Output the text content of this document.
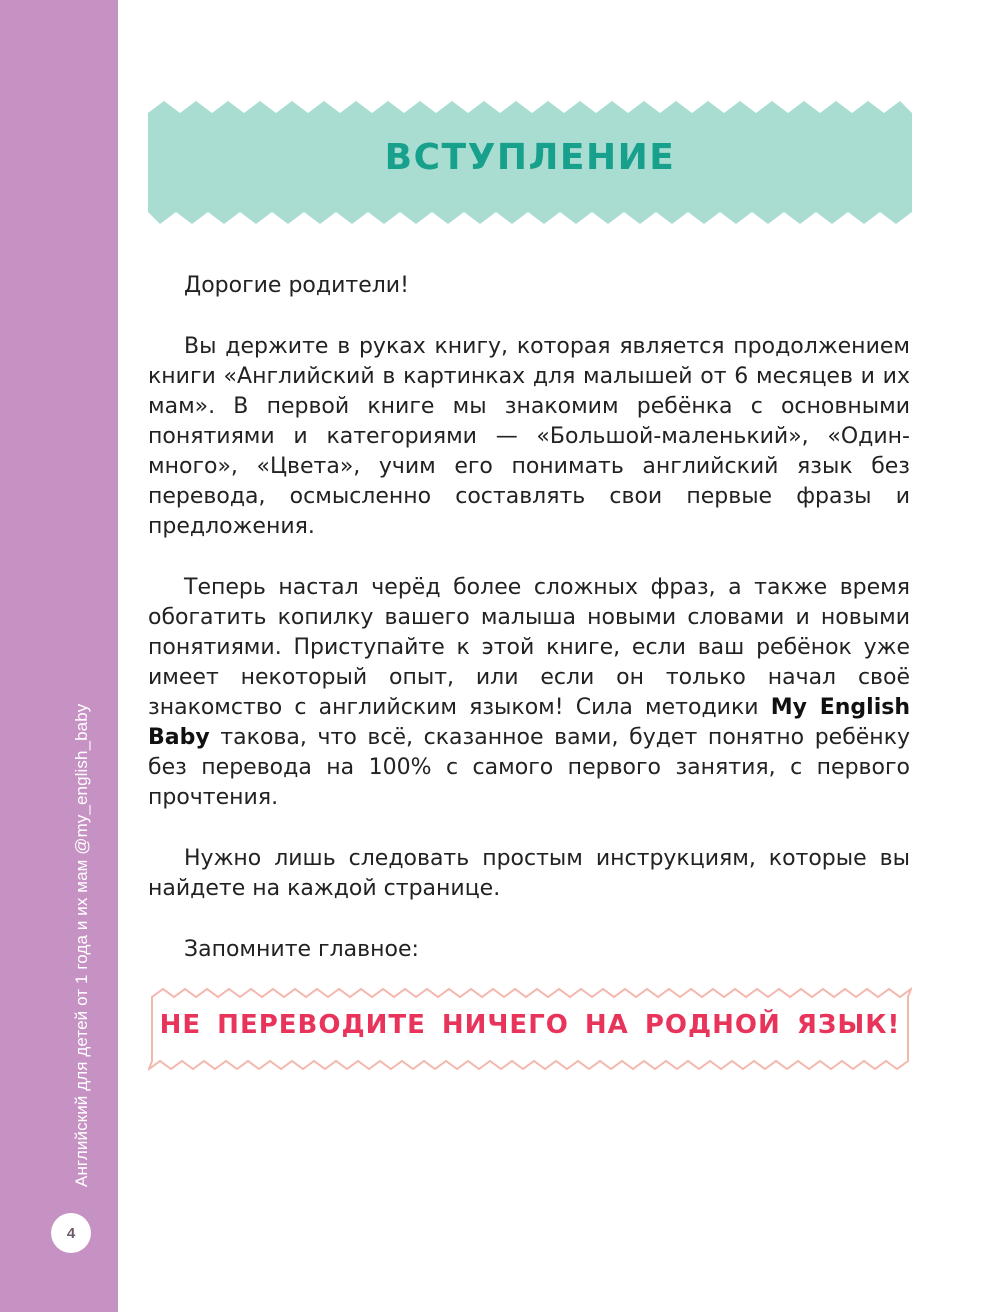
Английский для детей от 1 года и их мам @my_english_baby
4
ВСТУПЛЕНИЕ

Дорогие родители!

Вы держите в руках книгу, которая является продолжением книги «Английский в картинках для малышей от 6 месяцев и их мам». В первой книге мы знакомим ребёнка с основными понятиями и категориями — «Большой-маленький», «Один-много», «Цвета», учим его понимать английский язык без перевода, осмысленно составлять свои первые фразы и предложения.

Теперь настал черёд более сложных фраз, а также время обогатить копилку вашего малыша новыми словами и новыми понятиями. Приступайте к этой книге, если ваш ребёнок уже имеет некоторый опыт, или если он только начал своё знакомство с английским языком! Сила методики My English Baby такова, что всё, сказанное вами, будет понятно ребёнку без перевода на 100% с самого первого занятия, с первого прочтения.

Нужно лишь следовать простым инструкциям, которые вы найдете на каждой странице.

Запомните главное:

НЕ ПЕРЕВОДИТЕ НИЧЕГО НА РОДНОЙ ЯЗЫК!
